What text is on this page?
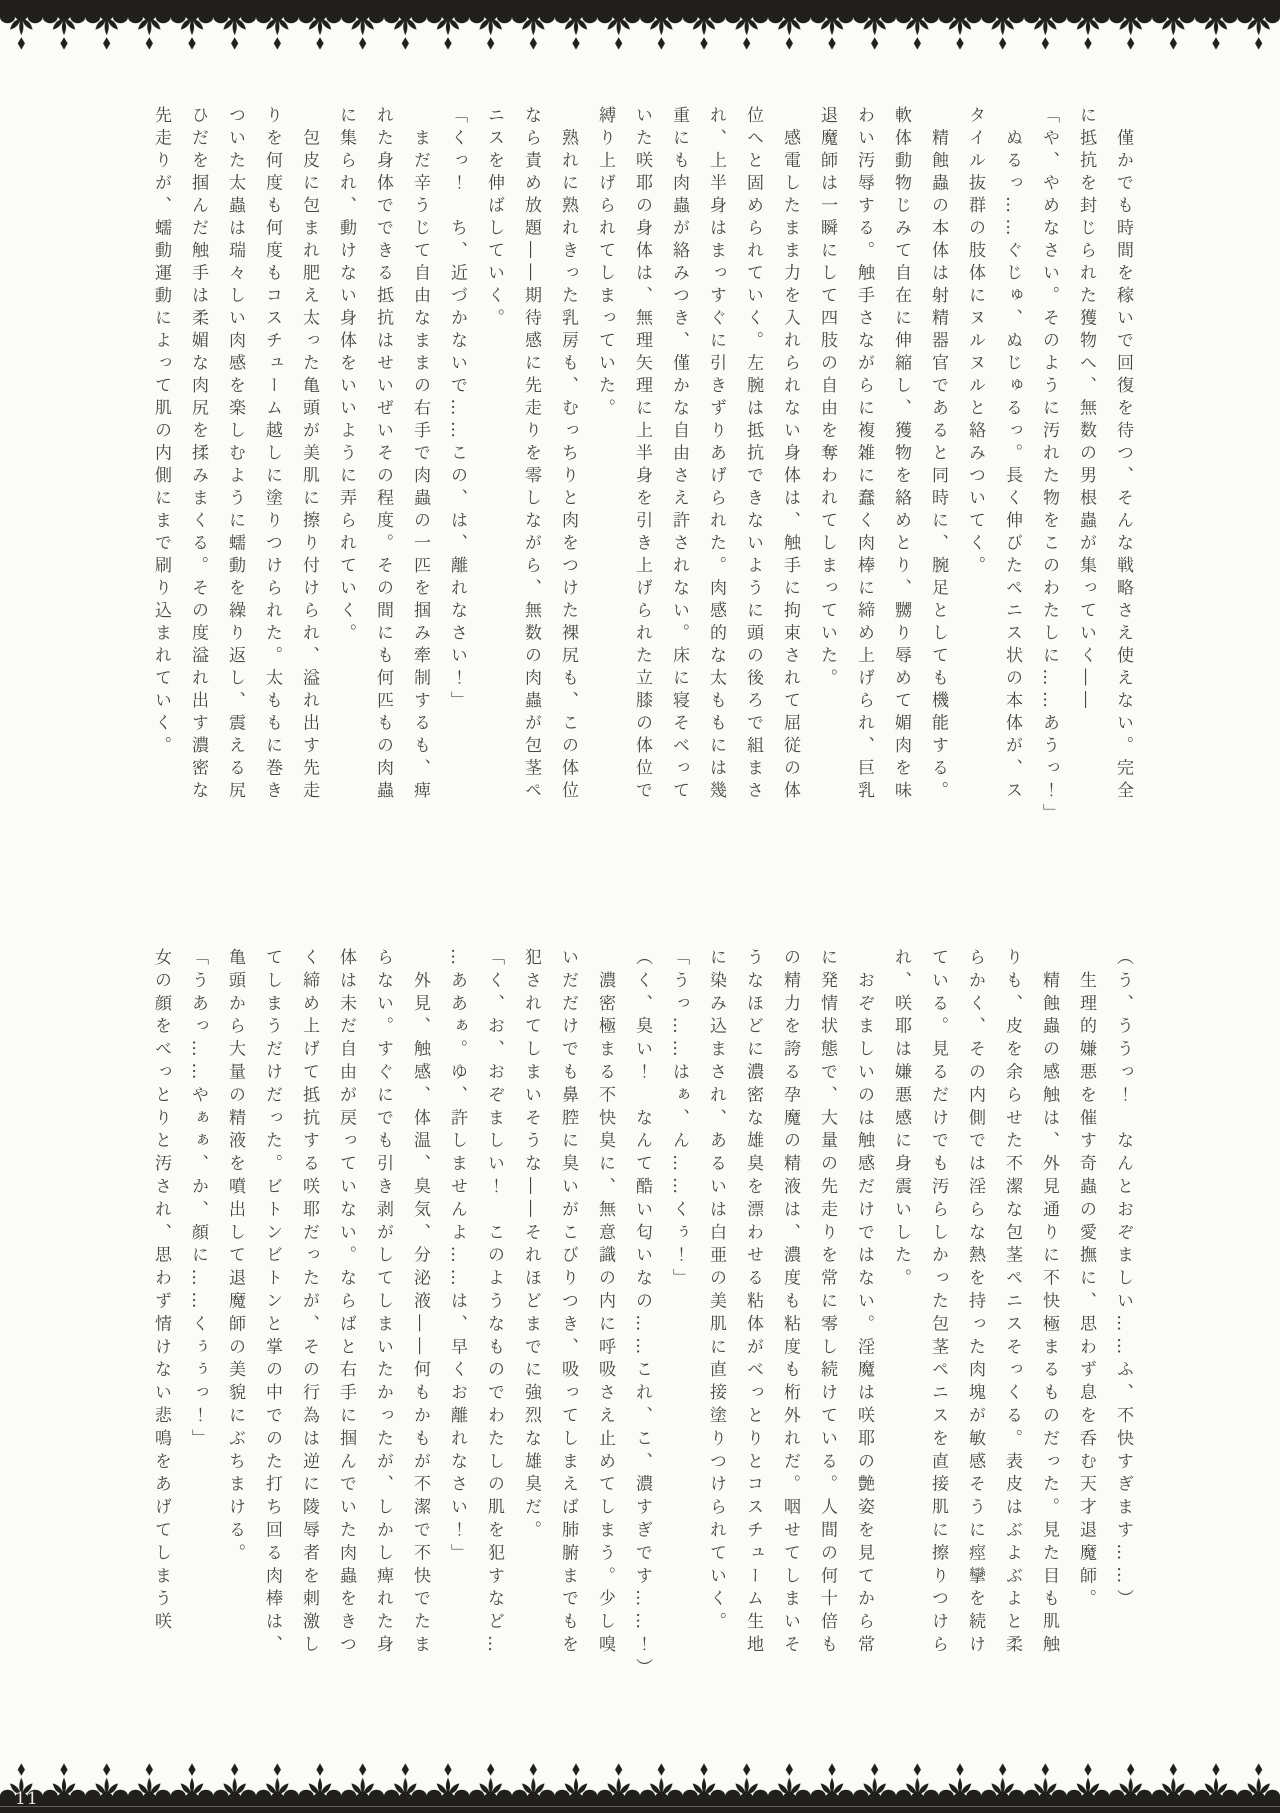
　僅かでも時間を稼いで回復を待つ、そんな戦略さえ使えない。完全

に抵抗を封じられた獲物へ、無数の男根蟲が集っていく――

「や、やめなさい。そのように汚れた物をこのわたしに……あうっ！」

　ぬるっ……ぐじゅ、ぬじゅるっ。長く伸びたペニス状の本体が、ス

タイル抜群の肢体にヌルヌルと絡みついてく。

　精蝕蟲の本体は射精器官であると同時に、腕足としても機能する。

軟体動物じみて自在に伸縮し、獲物を絡めとり、嬲り辱めて媚肉を味

わい汚辱する。触手さながらに複雑に蠢く肉棒に締め上げられ、巨乳

退魔師は一瞬にして四肢の自由を奪われてしまっていた。

　感電したまま力を入れられない身体は、触手に拘束されて屈従の体

位へと固められていく。左腕は抵抗できないように頭の後ろで組まさ

れ、上半身はまっすぐに引きずりあげられた。肉感的な太ももには幾

重にも肉蟲が絡みつき、僅かな自由さえ許されない。床に寝そべって

いた咲耶の身体は、無理矢理に上半身を引き上げられた立膝の体位で

縛り上げられてしまっていた。

　熟れに熟れきった乳房も、むっちりと肉をつけた裸尻も、この体位

なら責め放題――期待感に先走りを零しながら、無数の肉蟲が包茎ペ

ニスを伸ばしていく。

「くっ！　ち、近づかないで……この、は、離れなさい！」

　まだ辛うじて自由なままの右手で肉蟲の一匹を掴み牽制するも、痺

れた身体でできる抵抗はせいぜいその程度。その間にも何匹もの肉蟲

に集られ、動けない身体をいいように弄られていく。

　包皮に包まれ肥え太った亀頭が美肌に擦り付けられ、溢れ出す先走

りを何度も何度もコスチューム越しに塗りつけられた。太ももに巻き

ついた太蟲は瑞々しい肉感を楽しむように蠕動を繰り返し、震える尻

ひだを掴んだ触手は柔媚な肉尻を揉みまくる。その度溢れ出す濃密な

先走りが、蠕動運動によって肌の内側にまで刷り込まれていく。

（う、ううっ！　なんとおぞましい……ふ、不快すぎます……）

　生理的嫌悪を催す奇蟲の愛撫に、思わず息を呑む天才退魔師。

　精蝕蟲の感触は、外見通りに不快極まるものだった。見た目も肌触

りも、皮を余らせた不潔な包茎ペニスそっくる。表皮はぶよぶよと柔

らかく、その内側では淫らな熱を持った肉塊が敏感そうに痙攣を続け

ている。見るだけでも汚らしかった包茎ペニスを直接肌に擦りつけら

れ、咲耶は嫌悪感に身震いした。

　おぞましいのは触感だけではない。淫魔は咲耶の艶姿を見てから常

に発情状態で、大量の先走りを常に零し続けている。人間の何十倍も

の精力を誇る孕魔の精液は、濃度も粘度も桁外れだ。咽せてしまいそ

うなほどに濃密な雄臭を漂わせる粘体がべっとりとコスチューム生地

に染み込まされ、あるいは白亜の美肌に直接塗りつけられていく。

「うっ……はぁ、ん……くぅ！」

（く、臭い！　なんて酷い匂いなの……これ、こ、濃すぎです……！）

　濃密極まる不快臭に、無意識の内に呼吸さえ止めてしまう。少し嗅

いだだけでも鼻腔に臭いがこびりつき、吸ってしまえば肺腑までもを

犯されてしまいそうな――それほどまでに強烈な雄臭だ。

「く、お、おぞましい！　このようなものでわたしの肌を犯すなど…

…ああぁ。ゆ、許しませんよ……は、早くお離れなさい！」

　外見、触感、体温、臭気、分泌液――何もかもが不潔で不快でたま

らない。すぐにでも引き剥がしてしまいたかったが、しかし痺れた身

体は未だ自由が戻っていない。ならばと右手に掴んでいた肉蟲をきつ

く締め上げて抵抗する咲耶だったが、その行為は逆に陵辱者を刺激し

てしまうだけだった。ビトンビトンと掌の中でのた打ち回る肉棒は、

亀頭から大量の精液を噴出して退魔師の美貌にぶちまける。

「うあっ……やぁぁ、か、顔に……くぅぅっ！」

女の顔をべっとりと汚され、思わず情けない悲鳴をあげてしまう咲

11
